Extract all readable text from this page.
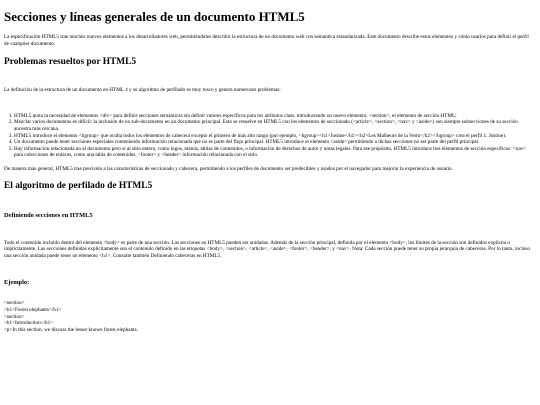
Secciones y líneas generales de un documento HTML5

La especificación HTML5 trae muchos nuevos elementos a los desarrolladores web, permitiéndoles describir la estructura de un documento web con semántica estandarizada. Este documento describe estos elementos y cómo usarlos para definir el perfil de cualquier documento.

Problemas resueltos por HTML5

La definición de la estructura de un documento en HTML 4 y su algoritmo de perfilado es muy tosco y genera numerosos problemas:

1. HTML5 quita la necesidad de elementos <div> para definir secciones semánticas sin definir valores específicos para los atributos class, introduciendo un nuevo elemento, <section>, el elemento de sección HTML;
2. Mezclar varios documentos es difícil: la inclusión de un sub-documento en un documento principal. Esto se resuelve en HTML5 con los elementos de seccionado (<article>, <section>, <nav> y <aside>) son siempre subsecciones de su sección ancestra más cercana.
3. HTML5 introduce el elemento <hgroup> que oculta todos los elementos de cabecera excepto el primero de más alto rango (por ejemplo, <hgroup><h1>Justine</h1><h2>Les Malheurs de la Vertu</h2></hgroup> crea el perfil 1. Justine).
4. Un documento puede tener secciones especiales conteniendo información relacionada que no es parte del flujo principal. HTML5 introduce el elemento <aside> permitiendo a dichas secciones no ser parte del perfil principal.
5. Hay información relacionada no al documento pero si al sitio entero, como logos, menús, tablas de contenidos, o información de derechos de autor y notas legales. Para ese propósito, HTML5 introduce tres elementos de sección específicos: <nav> para colecciones de enlaces, como una tabla de contenidos, <footer> y <header> información relacionada con el sitio.

De manera más general, HTML5 trae precisión a las características de seccionado y cabecera, permitiendo a los perfiles de documento ser predecibles y usados por el navegador para mejorar la experiencia de usuario.

El algoritmo de perfilado de HTML5
Definiendo secciones en HTML5

Todo el contenido incluido dentro del elemento <body> es parte de una sección. Las secciones en HTML5 pueden ser anidadas. Además de la sección principal, definida por el elemento <body>, los límites de la sección son definidos explícita o implícitamente. Las secciones definidas explícitamente son el contenido definido en las etiquetas <body>, <section>, <article>, <aside>, <footer>, <header>, y <nav>. Nota: Cada sección puede tener su propia jerarquía de cabeceras. Por lo tanto, incluso una sección anidada puede tener un elemento <h1>. Consulte también Definiendo cabeceras en HTML5.

Ejemplo:
<section>
<h1>Forest elephants</h1>
<section>
<h1>Introduction</h1>
<p>In this section, we discuss the lesser known forest elephants.
